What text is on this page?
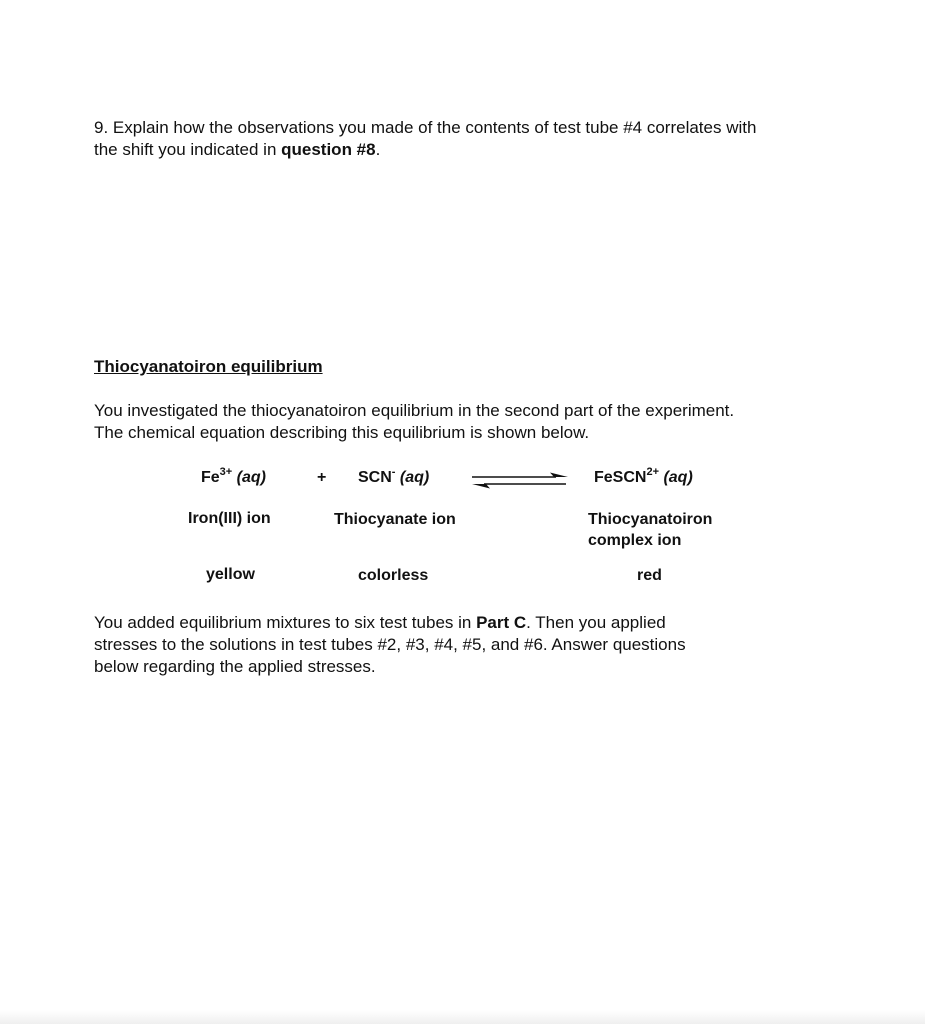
9. Explain how the observations you made of the contents of test tube #4 correlates with
the shift you indicated in question #8.
Thiocyanatoiron equilibrium
You investigated the thiocyanatoiron equilibrium in the second part of the experiment.
The chemical equation describing this equilibrium is shown below.
$Fe^{3+}$ (aq)	+ SCN- (aq)	FeSCN$^{2+}$ (aq)
Iron(III) ion	Thiocyanate ion	Thiocyanatoiron
complex ion
yellow	colorless	red
You added equilibrium mixtures to six test tubes in Part C. Then you applied
stresses to the solutions in test tubes #2, #3, #4, #5, and #6. Answer questions
below regarding the applied stresses.
